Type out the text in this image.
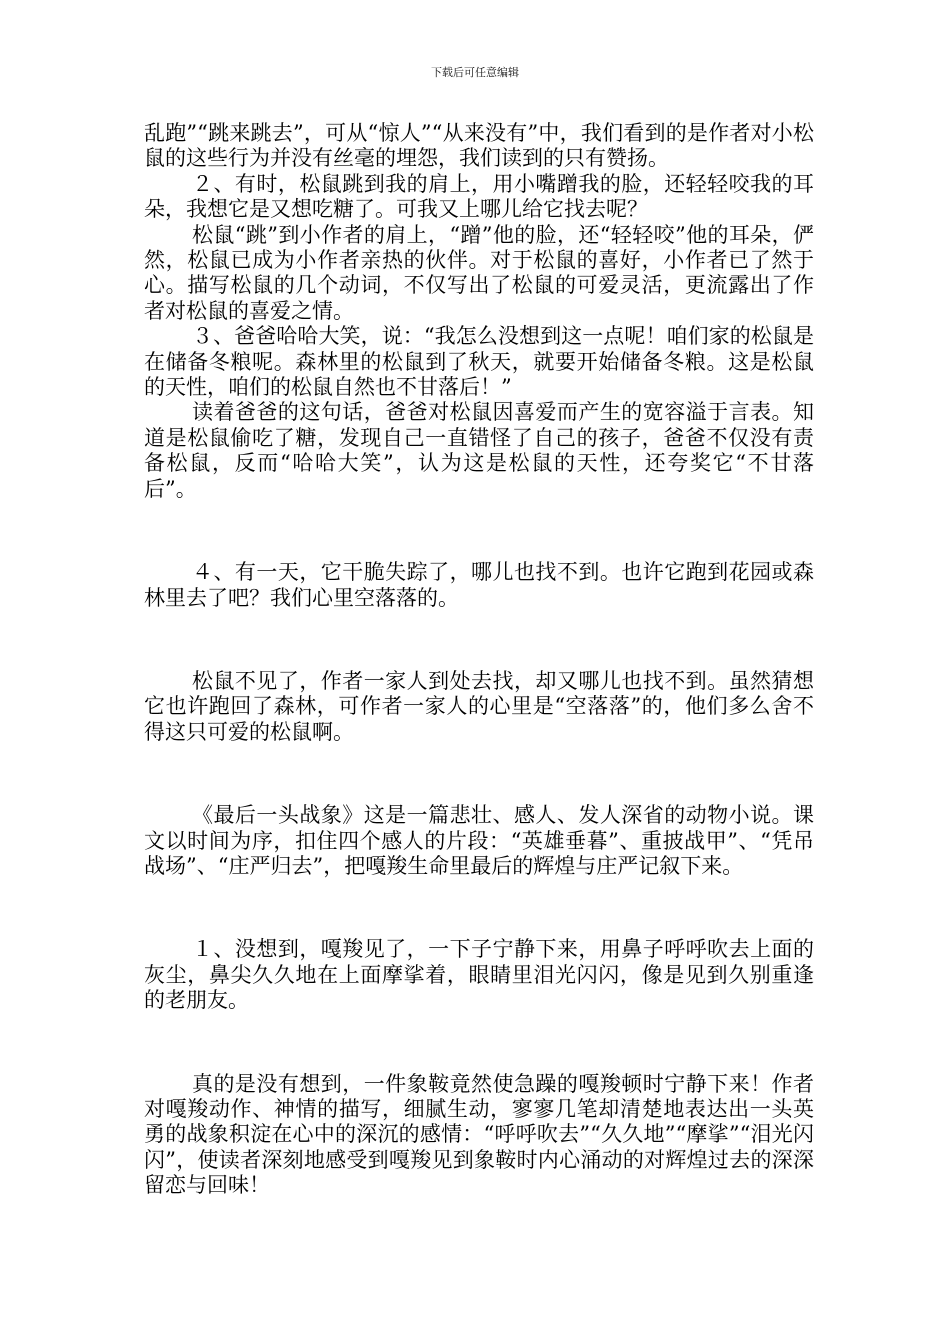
下载后可任意编辑

乱跑”“跳来跳去”，可从“惊人”“从来没有”中，我们看到的是作者对小松鼠的这些行为并没有丝毫的埋怨，我们读到的只有赞扬。

２、有时，松鼠跳到我的肩上，用小嘴蹭我的脸，还轻轻咬我的耳朵，我想它是又想吃糖了。可我又上哪儿给它找去呢？

松鼠“跳”到小作者的肩上，“蹭”他的脸，还“轻轻咬”他的耳朵，俨然，松鼠已成为小作者亲热的伙伴。对于松鼠的喜好，小作者已了然于心。描写松鼠的几个动词，不仅写出了松鼠的可爱灵活，更流露出了作者对松鼠的喜爱之情。

３、爸爸哈哈大笑，说：“我怎么没想到这一点呢！咱们家的松鼠是在储备冬粮呢。森林里的松鼠到了秋天，就要开始储备冬粮。这是松鼠的天性，咱们的松鼠自然也不甘落后！”

读着爸爸的这句话，爸爸对松鼠因喜爱而产生的宽容溢于言表。知道是松鼠偷吃了糖，发现自己一直错怪了自己的孩子，爸爸不仅没有责备松鼠，反而“哈哈大笑”，认为这是松鼠的天性，还夸奖它“不甘落后”。

４、有一天，它干脆失踪了，哪儿也找不到。也许它跑到花园或森林里去了吧？我们心里空落落的。

松鼠不见了，作者一家人到处去找，却又哪儿也找不到。虽然猜想它也许跑回了森林，可作者一家人的心里是“空落落”的，他们多么舍不得这只可爱的松鼠啊。

《最后一头战象》这是一篇悲壮、感人、发人深省的动物小说。课文以时间为序，扣住四个感人的片段：“英雄垂暮”、重披战甲”、“凭吊战场”、“庄严归去”，把嘎羧生命里最后的辉煌与庄严记叙下来。

１、没想到，嘎羧见了，一下子宁静下来，用鼻子呼呼吹去上面的灰尘，鼻尖久久地在上面摩挲着，眼睛里泪光闪闪，像是见到久别重逢的老朋友。

真的是没有想到，一件象鞍竟然使急躁的嘎羧顿时宁静下来！作者对嘎羧动作、神情的描写，细腻生动，寥寥几笔却清楚地表达出一头英勇的战象积淀在心中的深沉的感情：“呼呼吹去”“久久地”“摩挲”“泪光闪闪”，使读者深刻地感受到嘎羧见到象鞍时内心涌动的对辉煌过去的深深留恋与回味！
